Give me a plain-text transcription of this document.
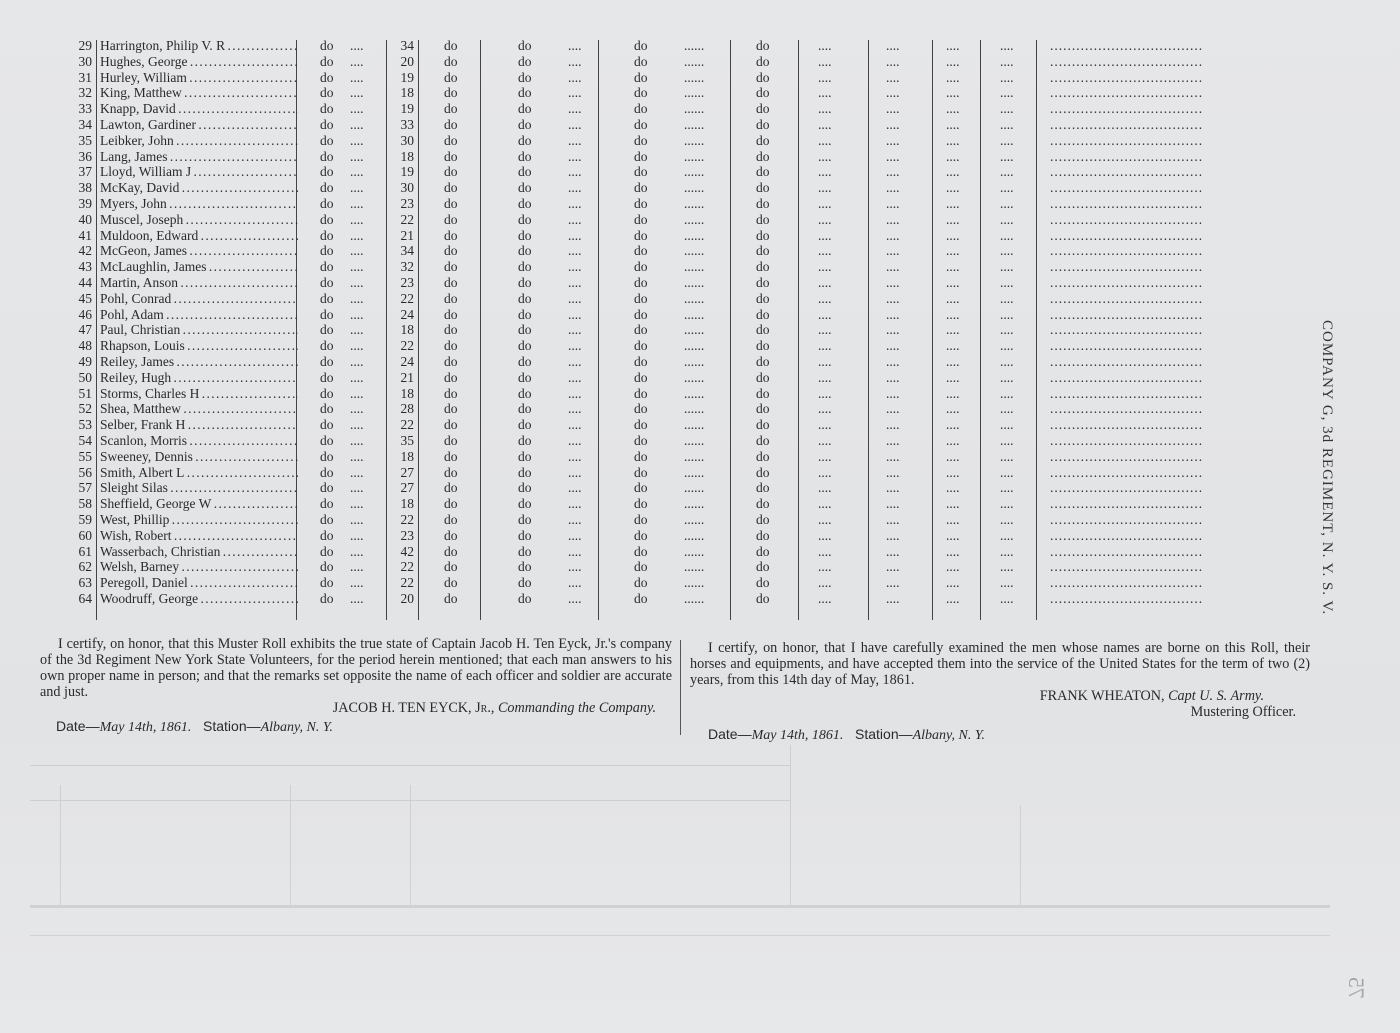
29 Harrington, Philip V. R . . .	do ....	34 do	do	....	do	......	do	....	....	....	....	...................................
30 Hughes, George . . .	do ....	20 do	do	....	do	......	do	....	....	....	....	...................................
31 Hurley, William . . .	do ....	19 do	do	....	do	......	do	....	....	....	....	...................................
32 King, Matthew . . .	do ....	18 do	do	....	do	......	do	....	....	....	....	...................................
33 Knapp, David . . .	do ....	19 do	do	....	do	......	do	....	....	....	....	...................................
34 Lawton, Gardiner . . .	do ....	33 do	do	....	do	......	do	....	....	....	....	...................................
35 Leibker, John . . .	do ....	30 do	do	....	do	......	do	....	....	....	....	...................................
36 Lang, James . . .	do ....	18 do	do	....	do	......	do	....	....	....	....	...................................
37 Lloyd, William J . . .	do ....	19 do	do	....	do	......	do	....	....	....	....	...................................
38 McKay, David . . .	do ....	30 do	do	....	do	......	do	....	....	....	....	...................................
39 Myers, John . . .	do ....	23 do	do	....	do	......	do	....	....	....	....	...................................
40 Muscel, Joseph . . .	do ....	22 do	do	....	do	......	do	....	....	....	....	...................................
41 Muldoon, Edward . . .	do ....	21 do	do	....	do	......	do	....	....	....	....	...................................
42 McGeon, James . . .	do ....	34 do	do	....	do	......	do	....	....	....	....	...................................
43 McLaughlin, James . . .	do ....	32 do	do	....	do	......	do	....	....	....	....	...................................
44 Martin, Anson . . .	do ....	23 do	do	....	do	......	do	....	....	....	....	...................................
45 Pohl, Conrad . . .	do ....	22 do	do	....	do	......	do	....	....	....	....	...................................
46 Pohl, Adam . . .	do ....	24 do	do	....	do	......	do	....	....	....	....	...................................
47 Paul, Christian . . .	do ....	18 do	do	....	do	......	do	....	....	....	....	...................................
48 Rhapson, Louis . . .	do ....	22 do	do	....	do	......	do	....	....	....	....	...................................
49 Reiley, James . . .	do ....	24 do	do	....	do	......	do	....	....	....	....	...................................
50 Reiley, Hugh . . .	do ....	21 do	do	....	do	......	do	....	....	....	....	...................................
51 Storms, Charles H . . .	do ....	18 do	do	....	do	......	do	....	....	....	....	...................................
52 Shea, Matthew . . .	do ....	28 do	do	....	do	......	do	....	....	....	....	...................................
53 Selber, Frank H . . .	do ....	22 do	do	....	do	......	do	....	....	....	....	...................................
54 Scanlon, Morris . . .	do ....	35 do	do	....	do	......	do	....	....	....	....	...................................
55 Sweeney, Dennis . . .	do ....	18 do	do	....	do	......	do	....	....	....	....	...................................
56 Smith, Albert L . . .	do ....	27 do	do	....	do	......	do	....	....	....	....	...................................
57 Sleight Silas . . .	do ....	27 do	do	....	do	......	do	....	....	....	....	...................................
58 Sheffield, George W . . .	do ....	18 do	do	....	do	......	do	....	....	....	....	...................................
59 West, Phillip . . .	do ....	22 do	do	....	do	......	do	....	....	....	....	...................................
60 Wish, Robert . . .	do ....	23 do	do	....	do	......	do	....	....	....	....	...................................
61 Wasserbach, Christian . . .	do ....	42 do	do	....	do	......	do	....	....	....	....	...................................
62 Welsh, Barney . . .	do ....	22 do	do	....	do	......	do	....	....	....	....	...................................
63 Peregoll, Daniel . . .	do ....	22 do	do	....	do	......	do	....	....	....	....	...................................
64 Woodruff, George . . .	do ....	20 do	do	....	do	......	do	....	....	....	....	...................................
I certify, on honor, that this Muster Roll exhibits the true state of Captain Jacob H. Ten Eyck, Jr.'s company of the 3d Regiment New York State Volunteers, for the period herein mentioned; that each man answers to his own proper name in person; and that the remarks set opposite the name of each officer and soldier are accurate and just.
JACOB H. TEN EYCK, Jr., Commanding the Company.
Date—May 14th, 1861. Station—Albany, N. Y.
I certify, on honor, that I have carefully examined the men whose names are borne on this Roll, their horses and equipments, and have accepted them into the service of the United States for the term of two (2) years, from this 14th day of May, 1861.
FRANK WHEATON, Capt U. S. Army.
Mustering Officer.
Date—May 14th, 1861. Station—Albany, N. Y.
COMPANY G, 3d REGIMENT, N. Y. S. V.
75
